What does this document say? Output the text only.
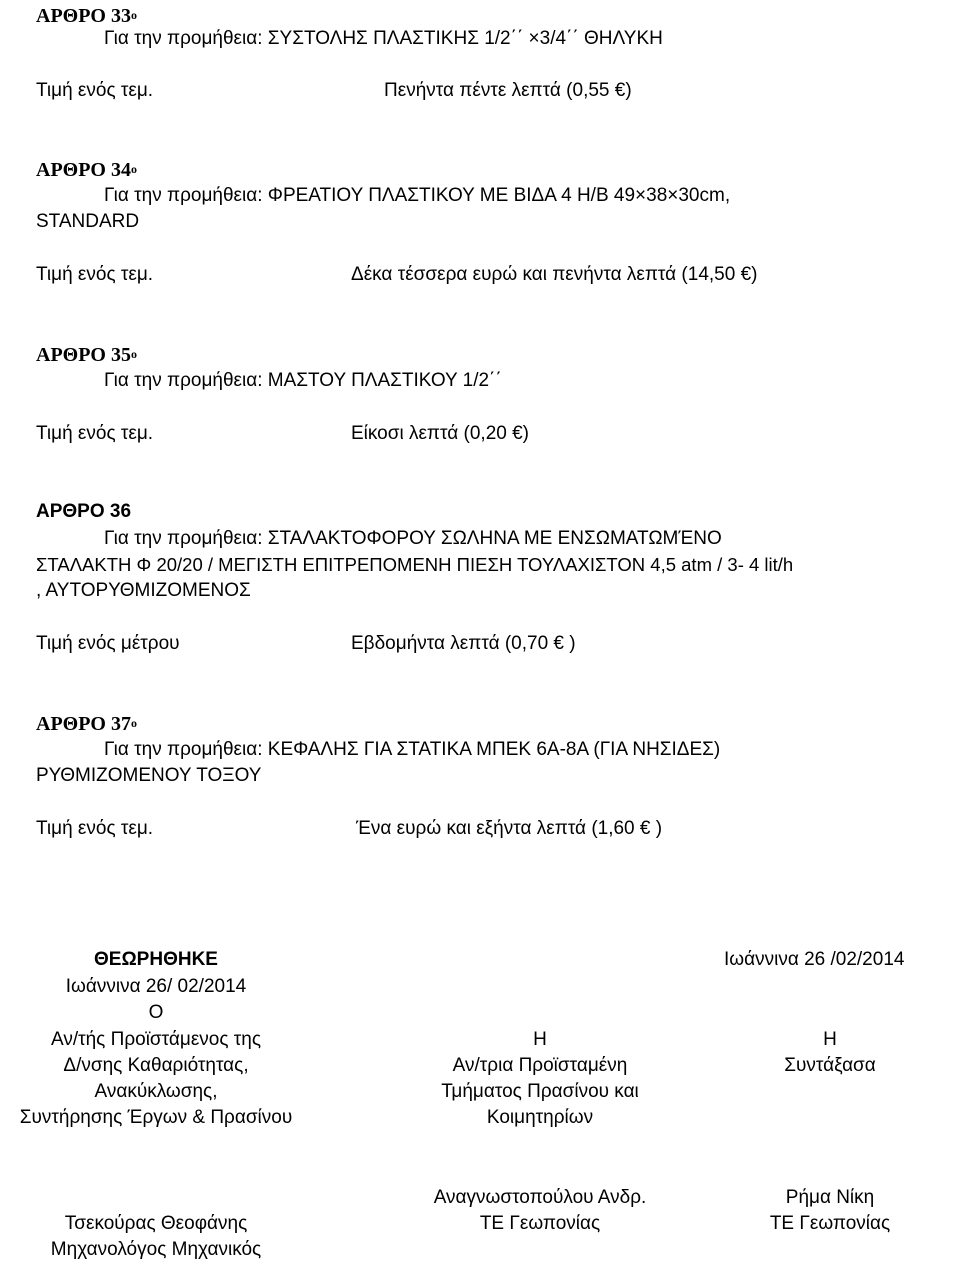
ΑΡΘΡΟ $33^o$
Για την προμήθεια: ΣΥΣΤΟΛΗΣ ΠΛΑΣΤΙΚΗΣ 1/2΄΄ ×3/4΄΄ ΘΗΛΥΚΗ
Τιμή ενός τεμ.	Πενήντα πέντε λεπτά (0,55 €)
ΑΡΘΡΟ $34^o$
Για την προμήθεια: ΦΡΕΑΤΙΟΥ ΠΛΑΣΤΙΚΟΥ ΜΕ ΒΙΔΑ 4 Η/Β 49×38×30cm,
STANDARD
Τιμή ενός τεμ.	Δέκα τέσσερα ευρώ και πενήντα λεπτά (14,50 €)
ΑΡΘΡΟ $35^o$
Για την προμήθεια: ΜΑΣΤΟΥ ΠΛΑΣΤΙΚΟΥ 1/2΄΄
Τιμή ενός τεμ.	Είκοσι λεπτά (0,20 €)
ΑΡΘΡΟ 36
Για την προμήθεια: ΣΤΑΛΑΚΤΟΦΟΡΟΥ ΣΩΛΗΝΑ ΜΕ ΕΝΣΩΜΑΤΩΜΈΝΟ
ΣΤΑΛΑΚΤΗ Φ 20/20 / ΜΕΓΙΣΤΗ ΕΠΙΤΡΕΠΟΜΕΝΗ ΠΙΕΣΗ ΤΟΥΛΑΧΙΣΤΟΝ 4,5 atm / 3- 4 lit/h
, ΑΥΤΟΡΥΘΜΙΖΟΜΕΝΟΣ
Τιμή ενός μέτρου	Εβδομήντα λεπτά (0,70 € )
ΑΡΘΡΟ $37^o$
Για την προμήθεια: ΚΕΦΑΛΗΣ ΓΙΑ ΣΤΑΤΙΚΑ ΜΠΕΚ 6Α-8Α (ΓΙΑ ΝΗΣΙΔΕΣ)
ΡΥΘΜΙΖΟΜΕΝΟΥ ΤΟΞΟΥ
Τιμή ενός τεμ.	Ένα ευρώ και εξήντα λεπτά (1,60 € )
ΘΕΩΡΗΘΗΚΕ	Ιωάννινα 26 /02/2014
Ιωάννινα 26/ 02/2014
Ο
Αν/τής Προϊστάμενος της
Δ/νσης Καθαριότητας,
Ανακύκλωσης,
Συντήρησης Έργων & Πρασίνου
Η
Αν/τρια Προϊσταμένη
Τμήματος Πρασίνου και
Κοιμητηρίων
Η
Συντάξασα
Τσεκούρας Θεοφάνης
Μηχανολόγος Μηχανικός
Αναγνωστοπούλου Ανδρ.
ΤΕ Γεωπονίας
Ρήμα Νίκη
ΤΕ Γεωπονίας
